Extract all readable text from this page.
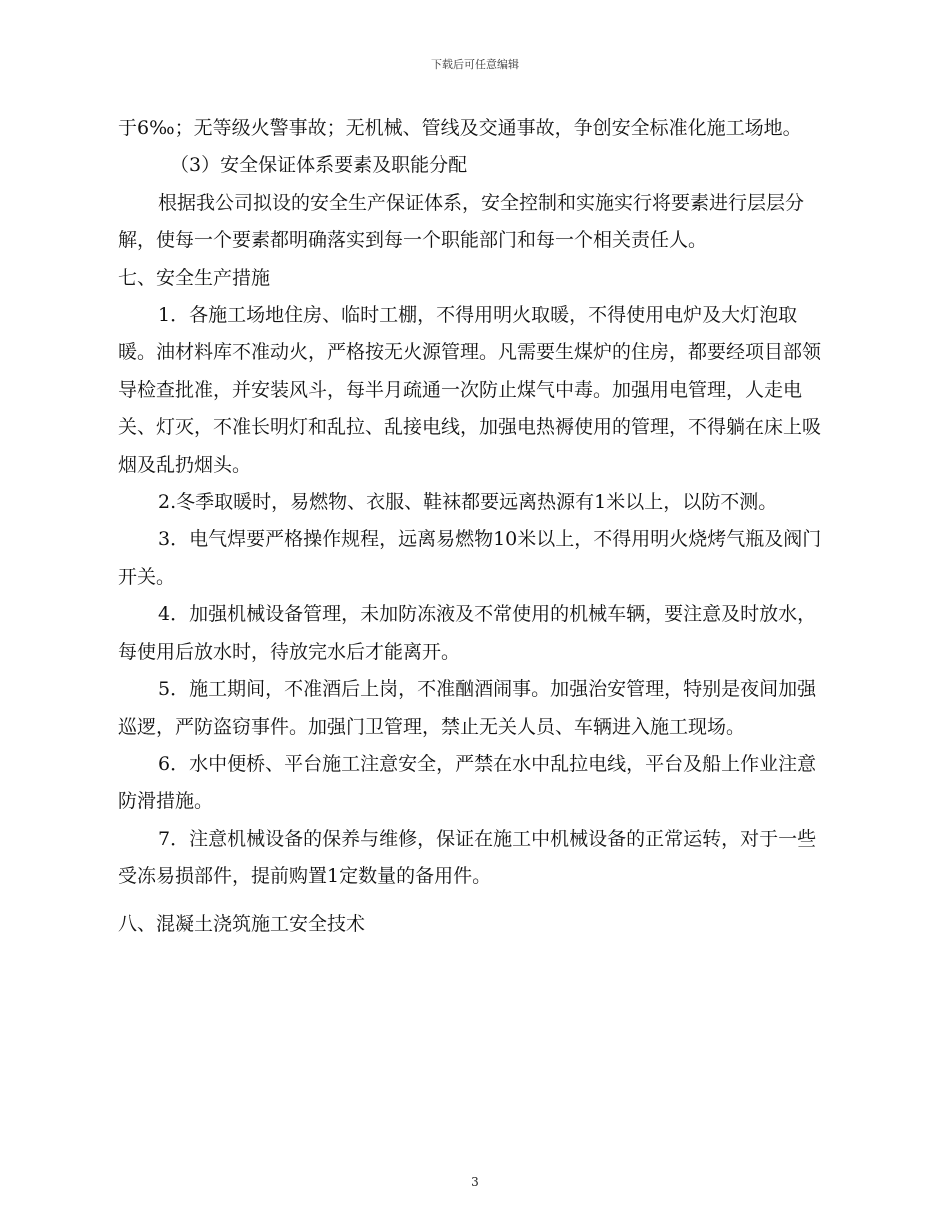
下载后可任意编辑

于6‰；无等级火警事故；无机械、管线及交通事故，争创安全标准化施工场地。

（3）安全保证体系要素及职能分配

根据我公司拟设的安全生产保证体系，安全控制和实施实行将要素进行层层分解，使每一个要素都明确落实到每一个职能部门和每一个相关责任人。

七、安全生产措施

1．各施工场地住房、临时工棚，不得用明火取暖，不得使用电炉及大灯泡取暖。油材料库不准动火，严格按无火源管理。凡需要生煤炉的住房，都要经项目部领导检查批准，并安装风斗，每半月疏通一次防止煤气中毒。加强用电管理，人走电关、灯灭，不准长明灯和乱拉、乱接电线，加强电热褥使用的管理，不得躺在床上吸烟及乱扔烟头。

2.冬季取暖时，易燃物、衣服、鞋袜都要远离热源有1米以上，以防不测。

3．电气焊要严格操作规程，远离易燃物10米以上，不得用明火烧烤气瓶及阀门开关。

4．加强机械设备管理，未加防冻液及不常使用的机械车辆，要注意及时放水，每使用后放水时，待放完水后才能离开。

5．施工期间，不准酒后上岗，不准酗酒闹事。加强治安管理，特别是夜间加强巡逻，严防盗窃事件。加强门卫管理，禁止无关人员、车辆进入施工现场。

6．水中便桥、平台施工注意安全，严禁在水中乱拉电线，平台及船上作业注意防滑措施。

7．注意机械设备的保养与维修，保证在施工中机械设备的正常运转，对于一些受冻易损部件，提前购置1定数量的备用件。

八、混凝土浇筑施工安全技术

3
